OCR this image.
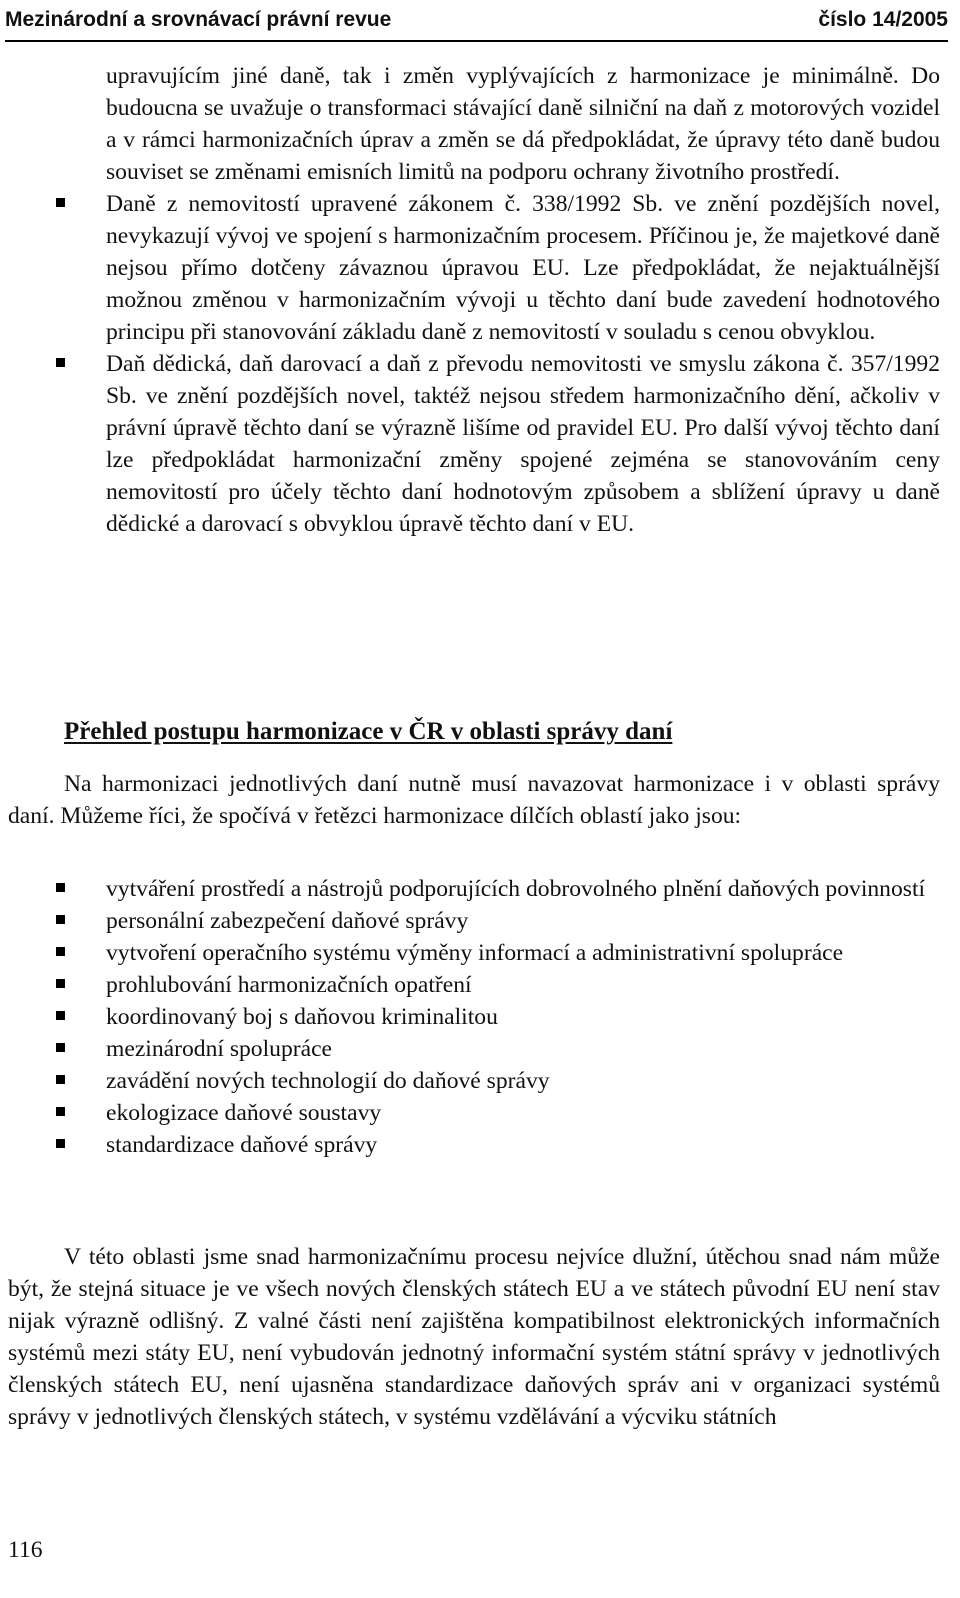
Mezinárodní a srovnávací právní revue	číslo 14/2005
upravujícím jiné daně, tak i změn vyplývajících z harmonizace je minimálně. Do budoucna se uvažuje o transformaci stávající daně silniční na daň z motorových vozidel a v rámci harmonizačních úprav a změn se dá předpokládat, že úpravy této daně budou souviset se změnami emisních limitů na podporu ochrany životního prostředí.
Daně z nemovitostí upravené zákonem č. 338/1992 Sb. ve znění pozdějších novel, nevykazují vývoj ve spojení s harmonizačním procesem. Příčinou je, že majetkové daně nejsou přímo dotčeny závaznou úpravou EU. Lze předpokládat, že nejaktuálnější možnou změnou v harmonizačním vývoji u těchto daní bude zavedení hodnotového principu při stanovování základu daně z nemovitostí v souladu s cenou obvyklou.
Daň dědická, daň darovací a daň z převodu nemovitosti ve smyslu zákona č. 357/1992 Sb. ve znění pozdějších novel, taktéž nejsou středem harmonizačního dění, ačkoliv v právní úpravě těchto daní se výrazně lišíme od pravidel EU. Pro další vývoj těchto daní lze předpokládat harmonizační změny spojené zejména se stanovováním ceny nemovitostí pro účely těchto daní hodnotovým způsobem a sblížení úpravy u daně dědické a darovací s obvyklou úpravě těchto daní v EU.
Přehled postupu harmonizace v ČR v oblasti správy daní
Na harmonizaci jednotlivých daní nutně musí navazovat harmonizace i v oblasti správy daní. Můžeme říci, že spočívá v řetězci harmonizace dílčích oblastí jako jsou:
vytváření prostředí a nástrojů podporujících dobrovolného plnění daňových povinností
personální zabezpečení daňové správy
vytvoření operačního systému výměny informací a administrativní spolupráce
prohlubování harmonizačních opatření
koordinovaný boj s daňovou kriminalitou
mezinárodní spolupráce
zavádění nových technologií do daňové správy
ekologizace daňové soustavy
standardizace daňové správy
V této oblasti jsme snad harmonizačnímu procesu nejvíce dlužní, útěchou snad nám může být, že stejná situace je ve všech nových členských státech EU a ve státech původní EU není stav nijak výrazně odlišný. Z valné části není zajištěna kompatibilnost elektronických informačních systémů mezi státy EU, není vybudován jednotný informační systém státní správy v jednotlivých členských státech EU, není ujasněna standardizace daňových správ ani v organizaci systémů správy v jednotlivých členských státech, v systému vzdělávání a výcviku státních
116
